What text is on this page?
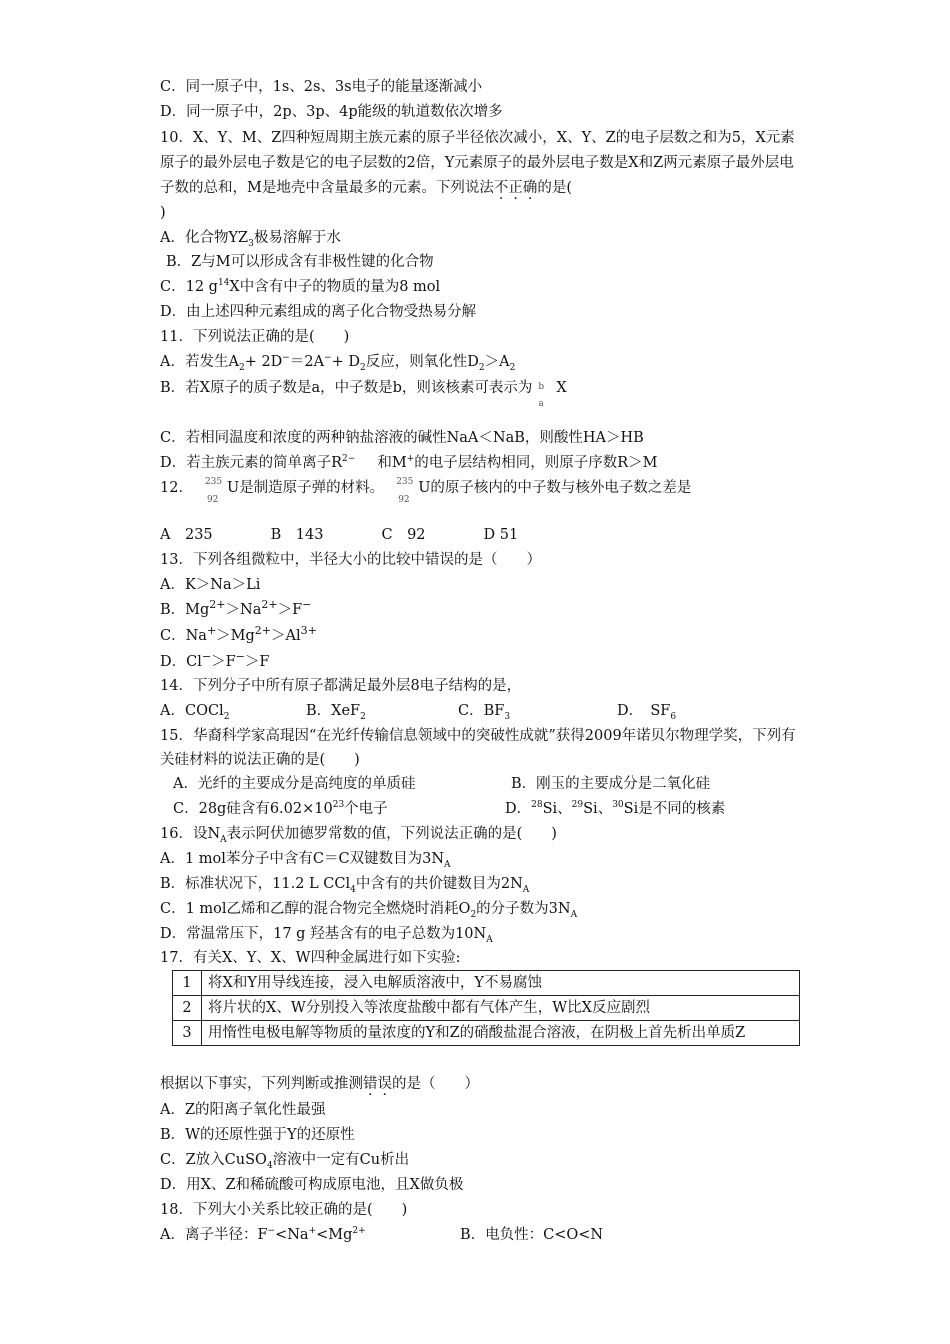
C．同一原子中，1s、2s、3s电子的能量逐渐减小
D．同一原子中，2p、3p、4p能级的轨道数依次增多
10．X、Y、M、Z四种短周期主族元素的原子半径依次减小，X、Y、Z的电子层数之和为5，X元素原子的最外层电子数是它的电子层数的2倍，Y元素原子的最外层电子数是X和Z两元素原子最外层电子数的总和，M是地壳中含量最多的元素。下列说法不正确的是(
)
A．化合物$YZ_3$极易溶解于水
B．Z与M可以形成含有非极性键的化合物
C．12 $g^{14}X$中含有中子的物质的量为8 mol
D．由上述四种元素组成的离子化合物受热易分解
11．下列说法正确的是(　　)
A．若发生$A_2+ 2D^-=2A^-+ D_2$反应，则氧化性$D_2>A_2$
B．若X原子的质子数是a，中子数是b，则该核素可表示为 b
a
X
C．若相同温度和浓度的两种钠盐溶液的碱性NaA＜NaB，则酸性HA＞HB
D．若主族元素的简单离子$R^{2-}$ 和M+的电子层结构相同，则原子序数R＞M
12． 235
92
U是制造原子弹的材料。 235
92
U的原子核内的中子数与核外电子数之差是
A　235　　　　B　143　　　　C　92　　　　D 51
13．下列各组微粒中，半径大小的比较中错误的是（　　）
A．K＞Na＞Li
B．$Mg^{2+}>Na^{2+}>F^-$
C．$Na^+>Mg^{2+}>Al^{3+}$
D．Cl−＞F−＞F
14．下列分子中所有原子都满足最外层8电子结构的是，
A．COCl$_2$	B．XeF$_2$	C．$BF_3$	D．　$SF_6$
15．华裔科学家高琨因“在光纤传输信息领域中的突破性成就”获得2009年诺贝尔物理学奖，下列有关硅材料的说法正确的是(　　)
A．光纤的主要成分是高纯度的单质硅	B．刚玉的主要成分是二氧化硅
C．28g硅含有$6.02\times 10^{23}$个电子	D．$^{28}$Si、$^{29}$Si、$^{30}$Si是不同的核素
16．设$N_A$表示阿伏加德罗常数的值，下列说法正确的是(　　)
A．1 mol苯分子中含有C＝C双键数目为$3N_A$
B．标准状况下，11.2 L CCl$_4$中含有的共价键数目为$2N_A$
C．1 mol乙烯和乙醇的混合物完全燃烧时消耗$O_2$的分子数为$3N_A$
D．常温常压下，17 g 羟基含有的电子总数为$10N_A$
17．有关X、Y、X、W四种金属进行如下实验:
1	将X和Y用导线连接，浸入电解质溶液中，Y不易腐蚀
2	将片状的X、W分别投入等浓度盐酸中都有气体产生，W比X反应剧烈
3	用惰性电极电解等物质的量浓度的Y和Z的硝酸盐混合溶液，在阴极上首先析出单质Z
根据以下事实，下列判断或推测错误的是（　　）
A．Z的阳离子氧化性最强
B．W的还原性强于Y的还原性
C．Z放入CuSO$_4$溶液中一定有Cu析出
D．用X、Z和稀硫酸可构成原电池，且X做负极
18．下列大小关系比较正确的是(　　)
A．离子半径：$F^-<Na^+<Mg^{2+}$	B．电负性：C<O<N
